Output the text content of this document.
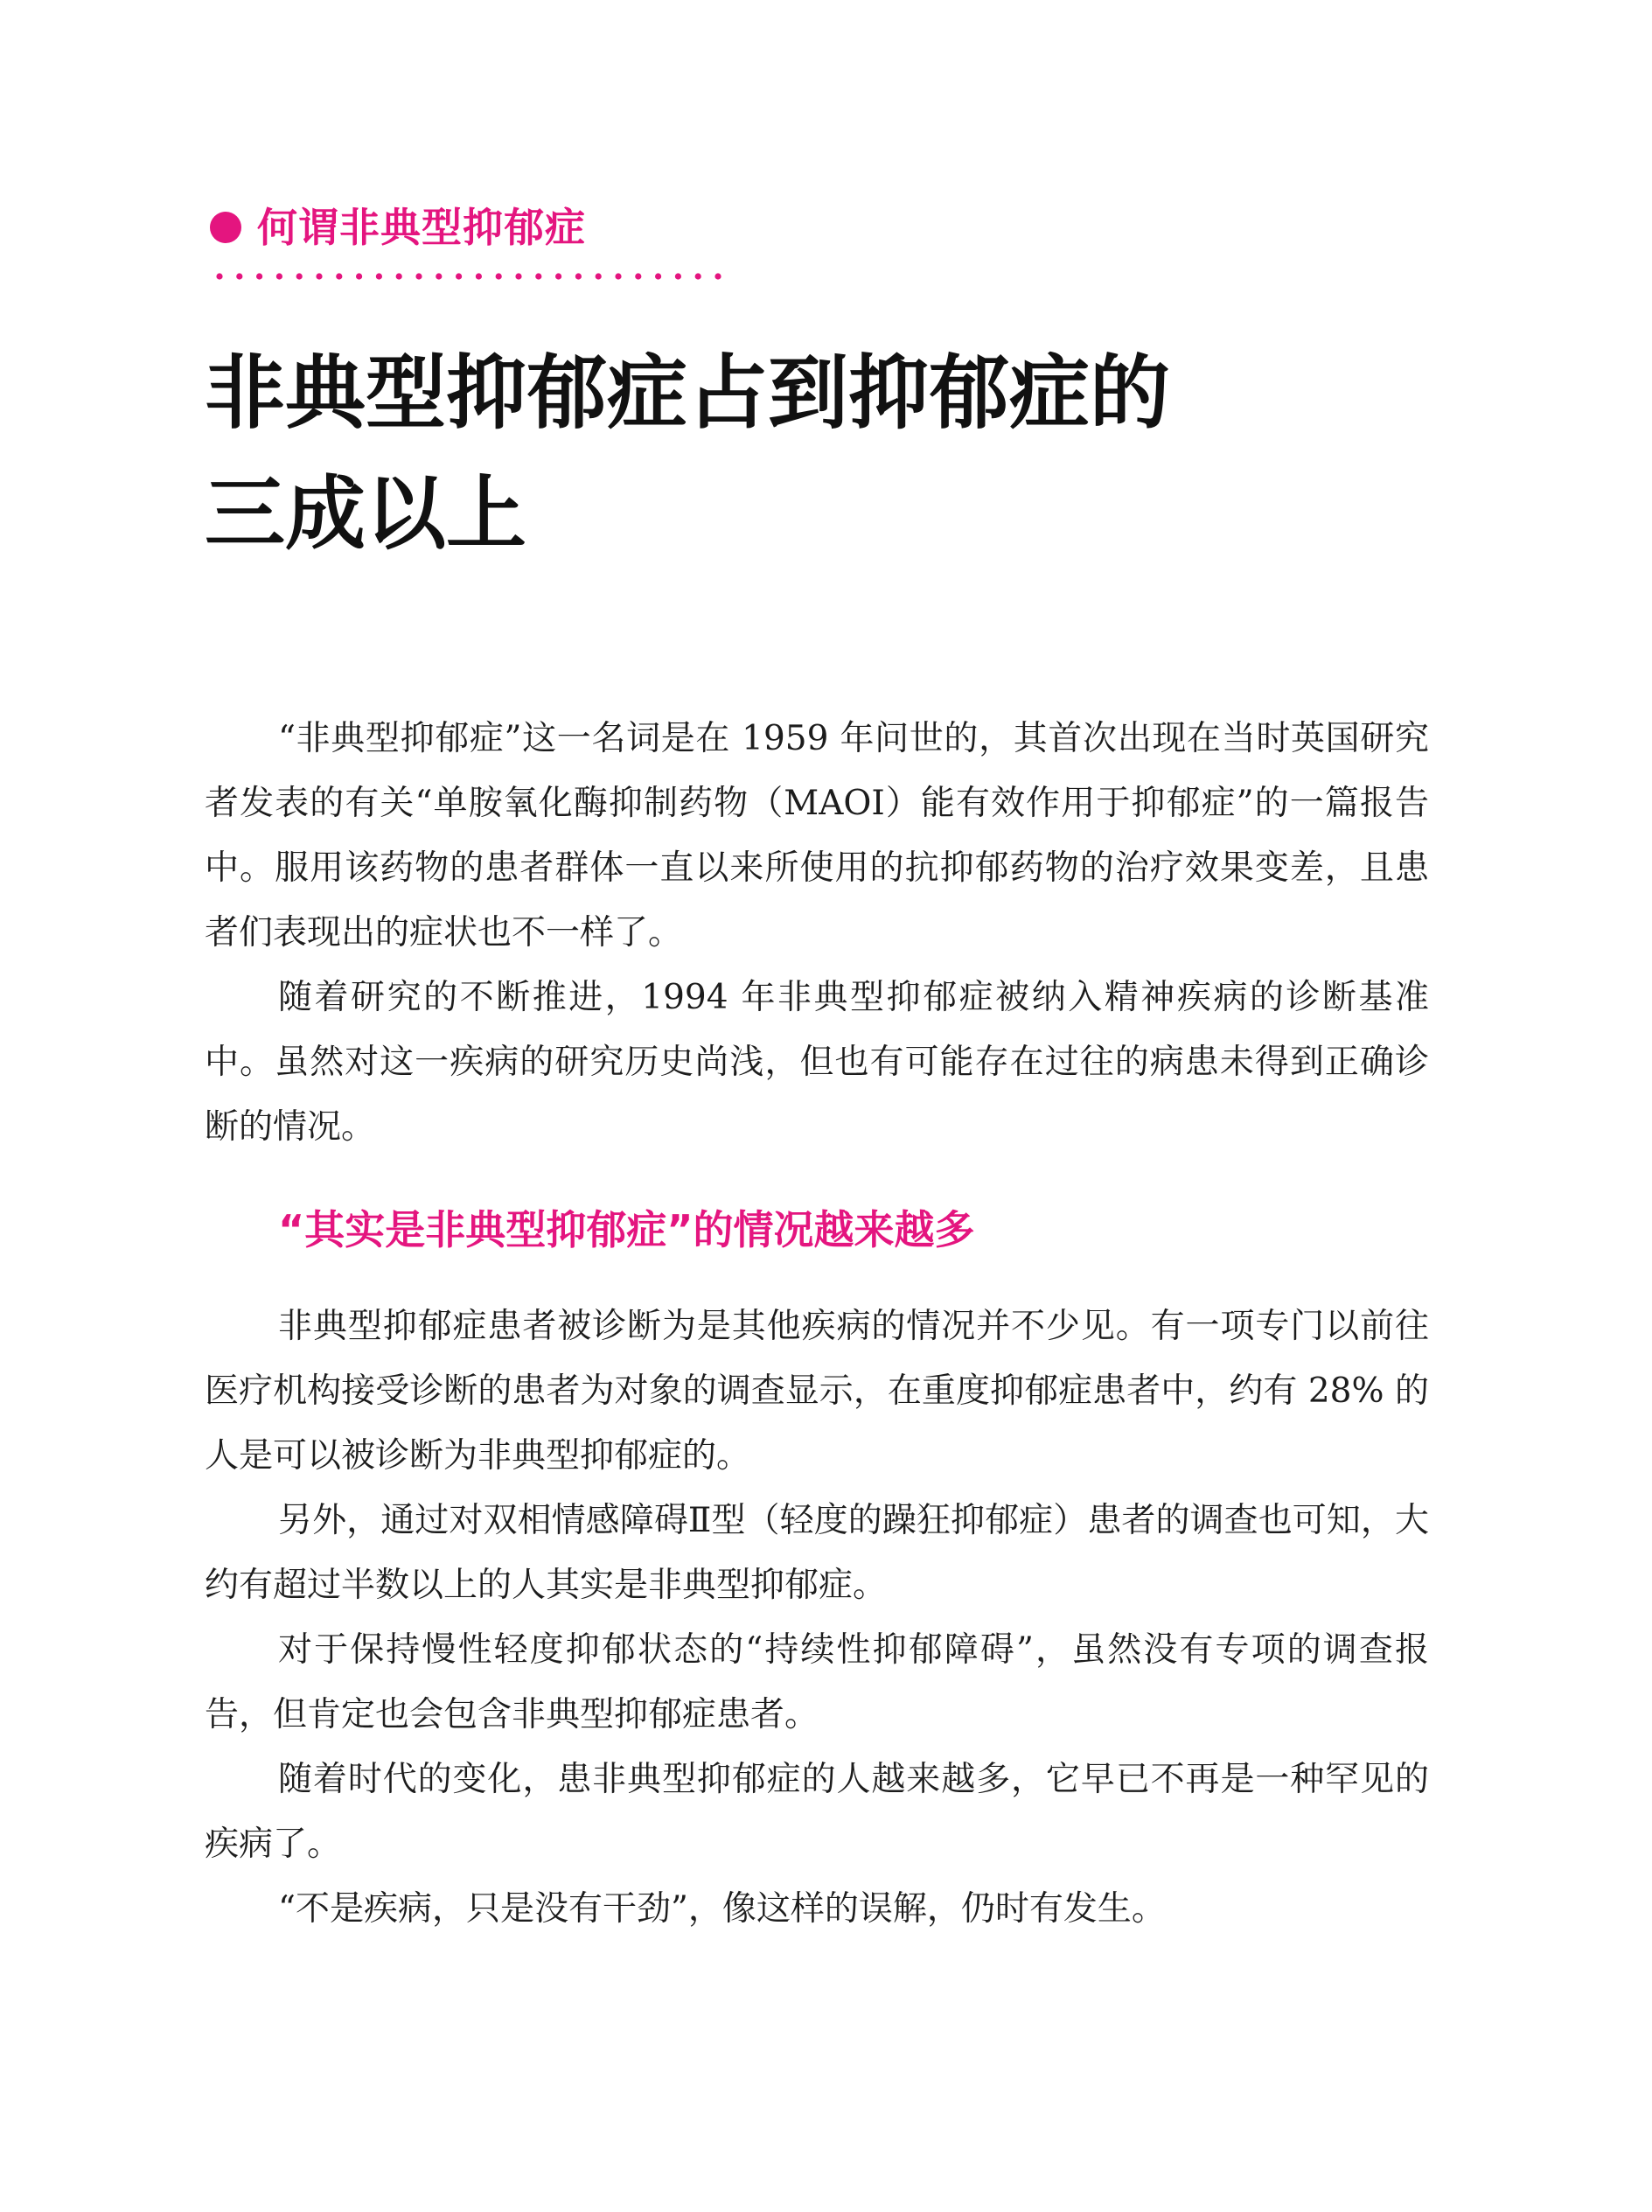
何谓非典型抑郁症
非典型抑郁症占到抑郁症的
三成以上

“非典型抑郁症”这一名词是在 1959 年问世的，其首次出现在当时英国研究者发表的有关“单胺氧化酶抑制药物（MAOI）能有效作用于抑郁症”的一篇报告中。服用该药物的患者群体一直以来所使用的抗抑郁药物的治疗效果变差，且患者们表现出的症状也不一样了。

随着研究的不断推进，1994 年非典型抑郁症被纳入精神疾病的诊断基准中。虽然对这一疾病的研究历史尚浅，但也有可能存在过往的病患未得到正确诊断的情况。

“其实是非典型抑郁症”的情况越来越多

非典型抑郁症患者被诊断为是其他疾病的情况并不少见。有一项专门以前往医疗机构接受诊断的患者为对象的调查显示，在重度抑郁症患者中，约有 28% 的人是可以被诊断为非典型抑郁症的。

另外，通过对双相情感障碍Ⅱ型（轻度的躁狂抑郁症）患者的调查也可知，大约有超过半数以上的人其实是非典型抑郁症。

对于保持慢性轻度抑郁状态的“持续性抑郁障碍”，虽然没有专项的调查报告，但肯定也会包含非典型抑郁症患者。

随着时代的变化，患非典型抑郁症的人越来越多，它早已不再是一种罕见的疾病了。

“不是疾病，只是没有干劲”，像这样的误解，仍时有发生。
